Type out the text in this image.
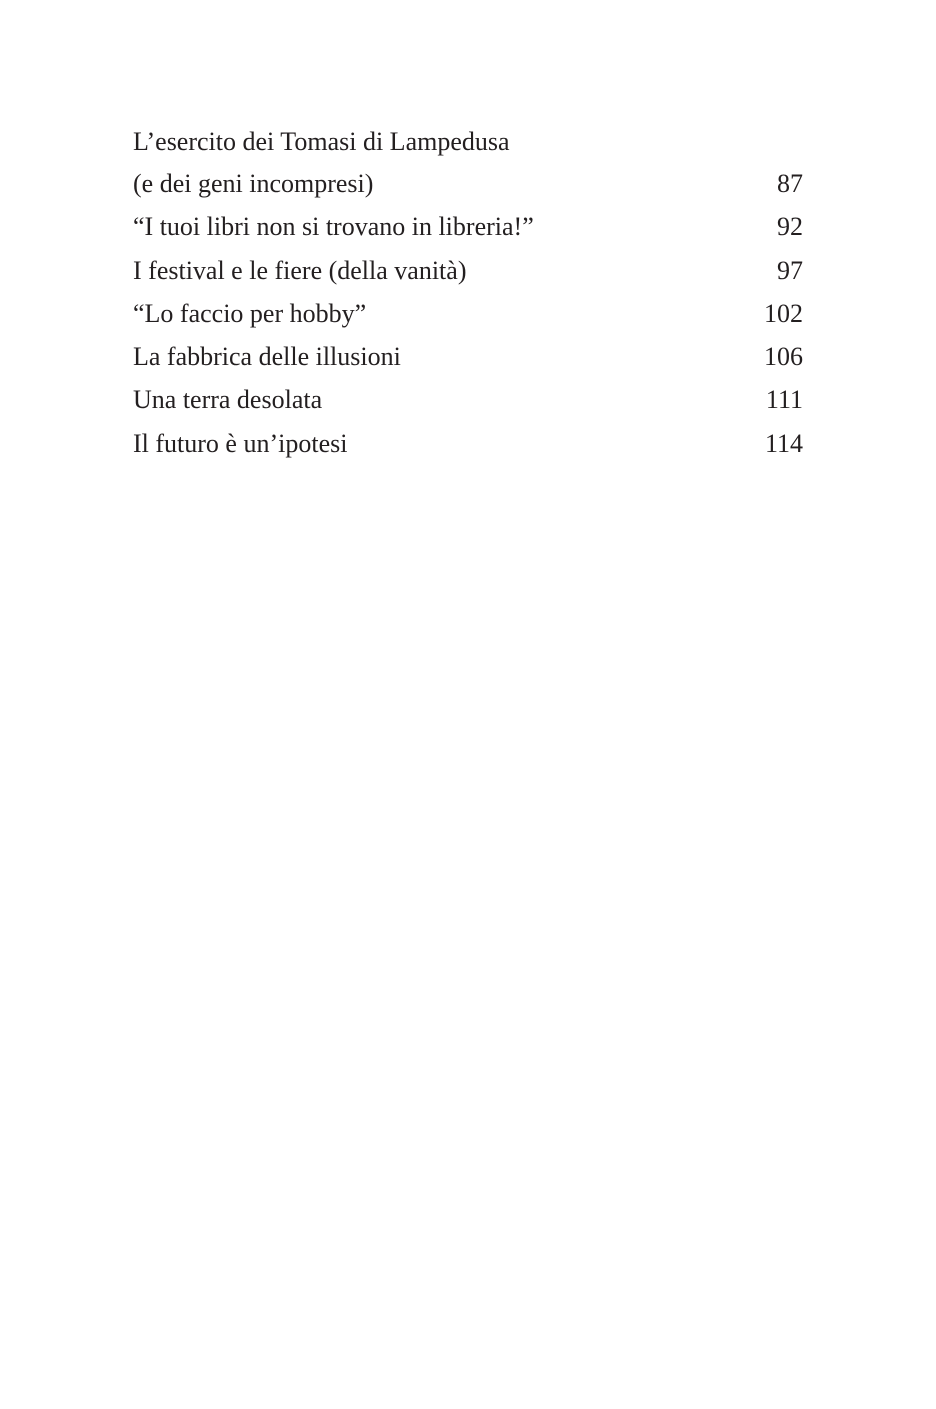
L’esercito dei Tomasi di Lampedusa
(e dei geni incompresi)	87
“I tuoi libri non si trovano in libreria!”	92
I festival e le fiere (della vanità)	97
“Lo faccio per hobby”	102
La fabbrica delle illusioni	106
Una terra desolata	111
Il futuro è un’ipotesi	114
